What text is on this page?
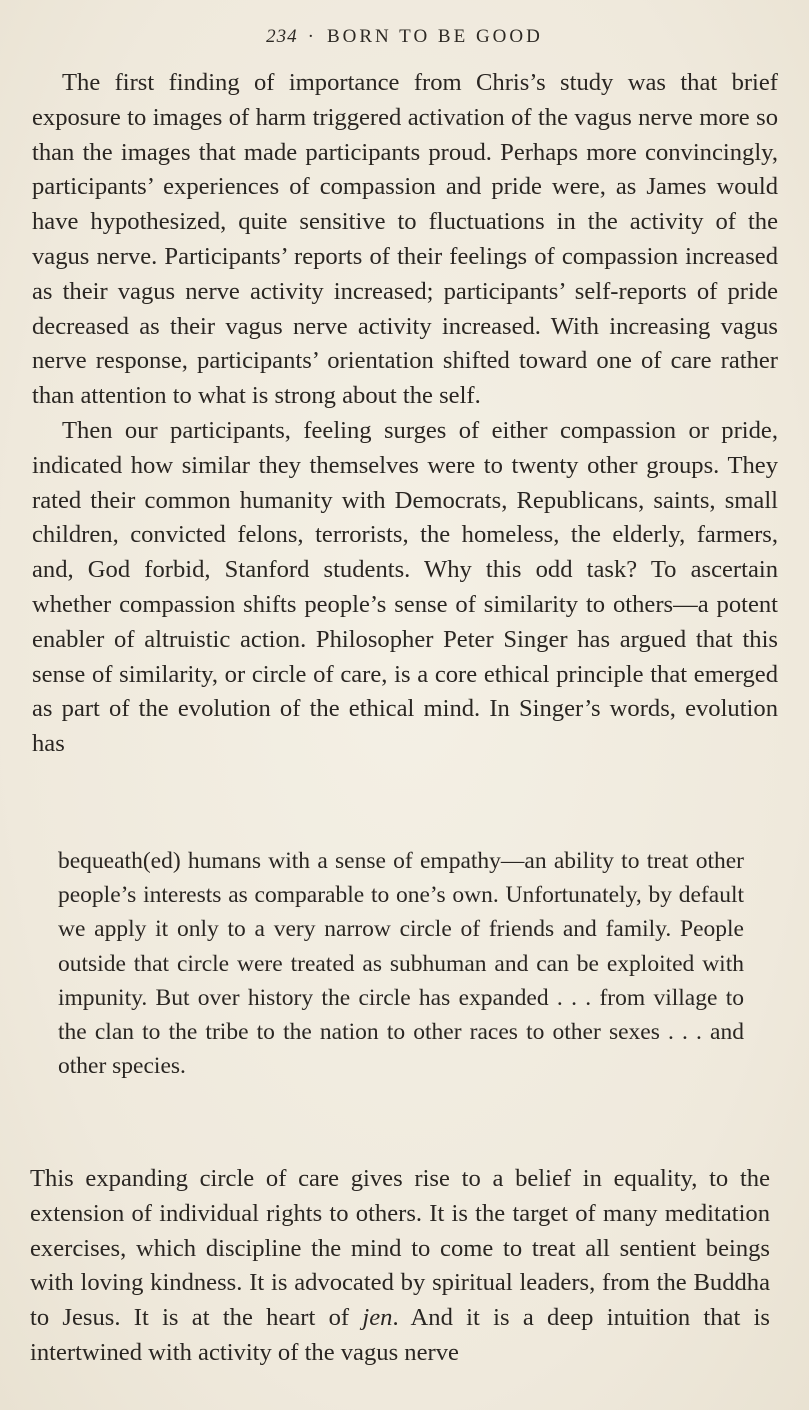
234 · BORN TO BE GOOD

The first finding of importance from Chris’s study was that brief exposure to images of harm triggered activation of the vagus nerve more so than the images that made participants proud. Perhaps more convincingly, participants’ experiences of compassion and pride were, as James would have hypothesized, quite sensitive to fluctuations in the activity of the vagus nerve. Participants’ reports of their feelings of compassion increased as their vagus nerve activity increased; participants’ self-reports of pride decreased as their vagus nerve activity increased. With increasing vagus nerve response, participants’ orientation shifted toward one of care rather than attention to what is strong about the self.

Then our participants, feeling surges of either compassion or pride, indicated how similar they themselves were to twenty other groups. They rated their common humanity with Democrats, Republicans, saints, small children, convicted felons, terrorists, the homeless, the elderly, farmers, and, God forbid, Stanford students. Why this odd task? To ascertain whether compassion shifts people’s sense of similarity to others—a potent enabler of altruistic action. Philosopher Peter Singer has argued that this sense of similarity, or circle of care, is a core ethical principle that emerged as part of the evolution of the ethical mind. In Singer’s words, evolution has

bequeath(ed) humans with a sense of empathy—an ability to treat other people’s interests as comparable to one’s own. Unfortunately, by default we apply it only to a very narrow circle of friends and family. People outside that circle were treated as subhuman and can be exploited with impunity. But over history the circle has expanded . . . from village to the clan to the tribe to the nation to other races to other sexes . . . and other species.

This expanding circle of care gives rise to a belief in equality, to the extension of individual rights to others. It is the target of many meditation exercises, which discipline the mind to come to treat all sentient beings with loving kindness. It is advocated by spiritual leaders, from the Buddha to Jesus. It is at the heart of jen. And it is a deep intuition that is intertwined with activity of the vagus nerve
